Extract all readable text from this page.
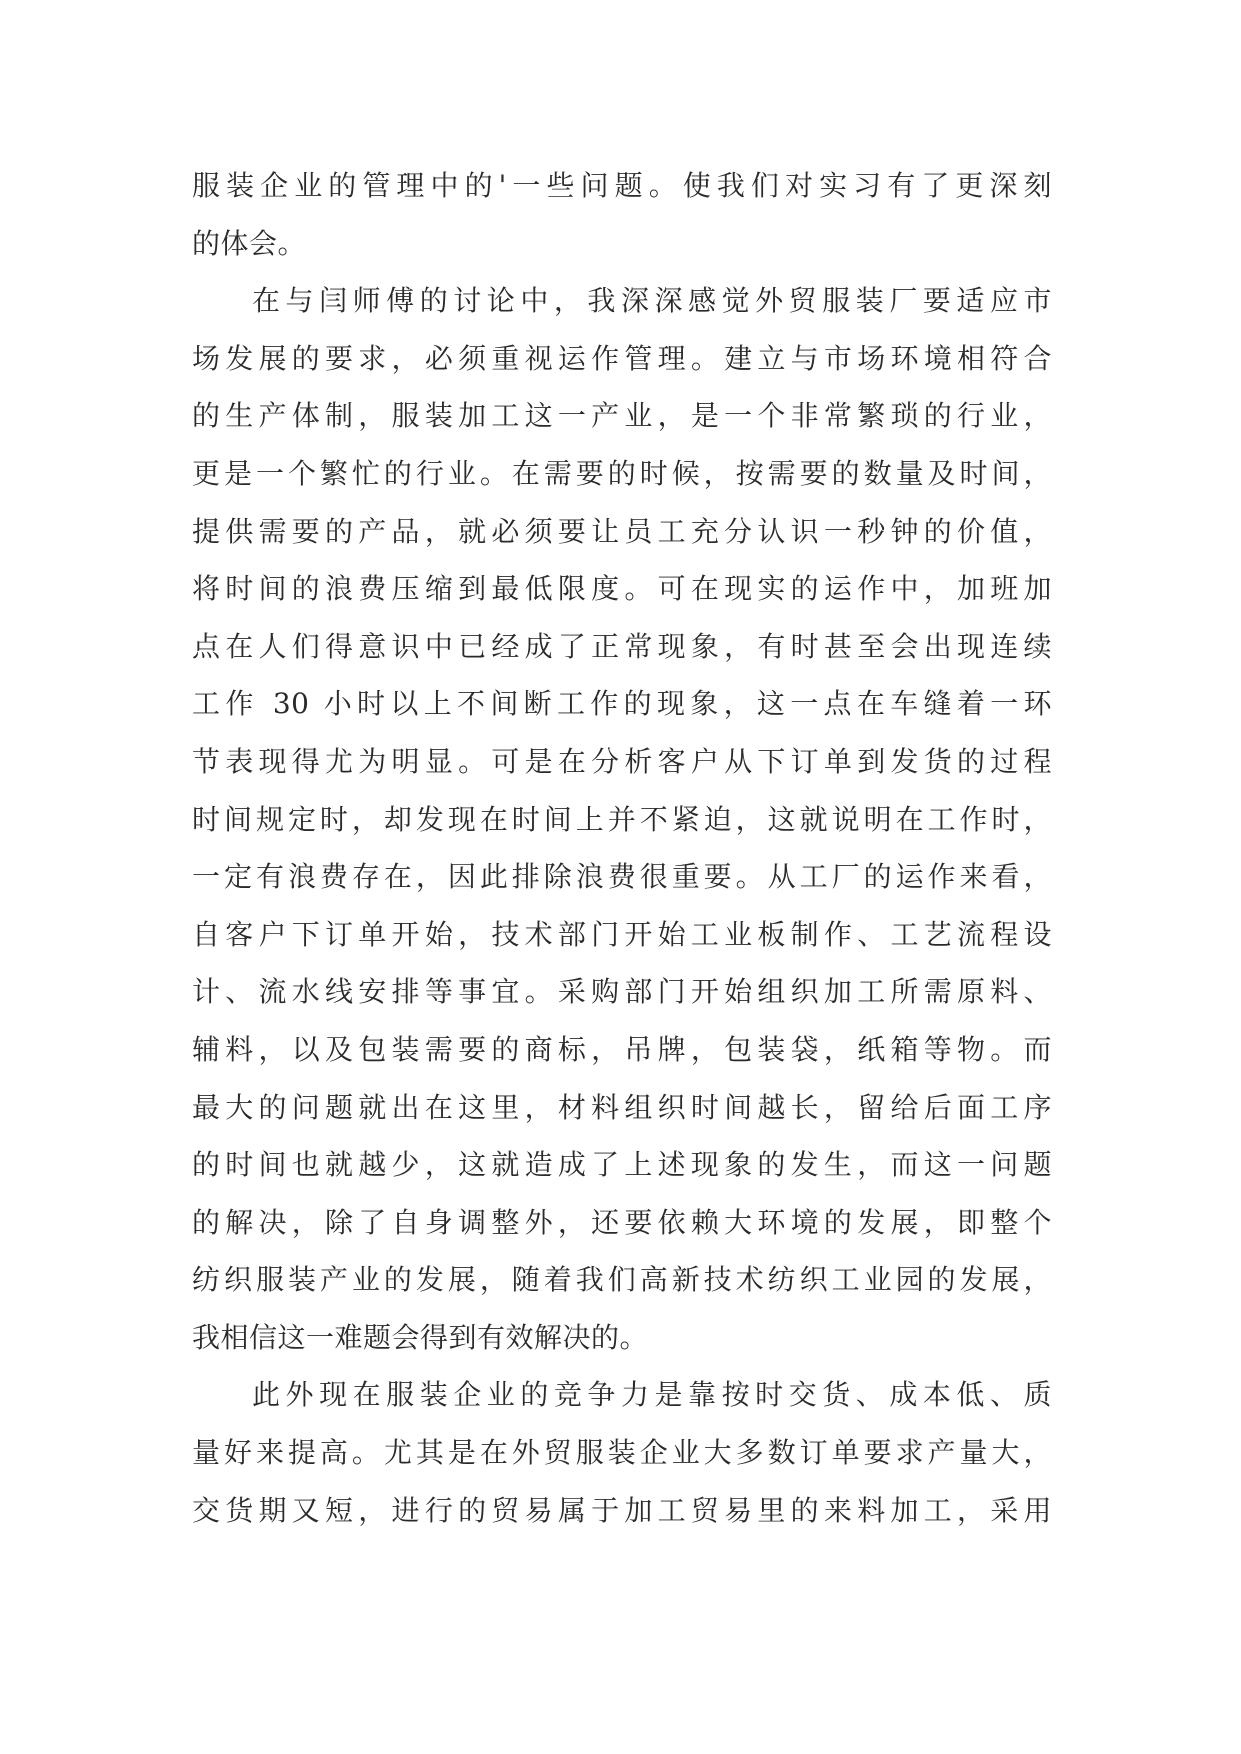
服装企业的管理中的'一些问题。使我们对实习有了更深刻
的体会。
在与闫师傅的讨论中，我深深感觉外贸服装厂要适应市
场发展的要求，必须重视运作管理。建立与市场环境相符合
的生产体制，服装加工这一产业，是一个非常繁琐的行业，
更是一个繁忙的行业。在需要的时候，按需要的数量及时间，
提供需要的产品，就必须要让员工充分认识一秒钟的价值，
将时间的浪费压缩到最低限度。可在现实的运作中，加班加
点在人们得意识中已经成了正常现象，有时甚至会出现连续
工作 30 小时以上不间断工作的现象，这一点在车缝着一环
节表现得尤为明显。可是在分析客户从下订单到发货的过程
时间规定时，却发现在时间上并不紧迫，这就说明在工作时，
一定有浪费存在，因此排除浪费很重要。从工厂的运作来看，
自客户下订单开始，技术部门开始工业板制作、工艺流程设
计、流水线安排等事宜。采购部门开始组织加工所需原料、
辅料，以及包装需要的商标，吊牌，包装袋，纸箱等物。而
最大的问题就出在这里，材料组织时间越长，留给后面工序
的时间也就越少，这就造成了上述现象的发生，而这一问题
的解决，除了自身调整外，还要依赖大环境的发展，即整个
纺织服装产业的发展，随着我们高新技术纺织工业园的发展，
我相信这一难题会得到有效解决的。
此外现在服装企业的竞争力是靠按时交货、成本低、质
量好来提高。尤其是在外贸服装企业大多数订单要求产量大，
交货期又短，进行的贸易属于加工贸易里的来料加工，采用
